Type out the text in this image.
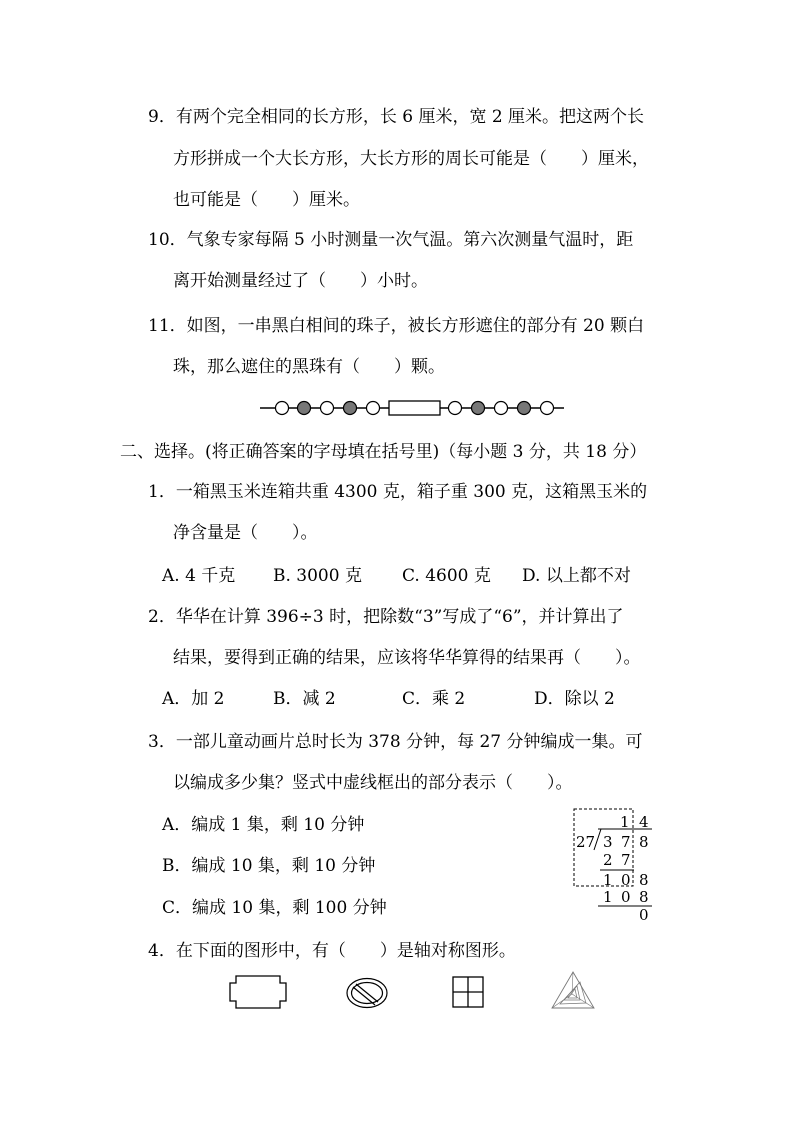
9．有两个完全相同的长方形，长 6 厘米，宽 2 厘米。把这两个长
方形拼成一个大长方形，大长方形的周长可能是（　　）厘米，
也可能是（　　）厘米。
10．气象专家每隔 5 小时测量一次气温。第六次测量气温时，距
离开始测量经过了（　　）小时。
11．如图，一串黑白相间的珠子，被长方形遮住的部分有 20 颗白
珠，那么遮住的黑珠有（　　）颗。
二、选择。(将正确答案的字母填在括号里)（每小题 3 分，共 18 分）
1．一箱黑玉米连箱共重 4300 克，箱子重 300 克，这箱黑玉米的
净含量是（　　）。
A. 4 千克 B. 3000 克 C. 4600 克 D. 以上都不对
2．华华在计算 396÷3 时，把除数“3”写成了“6”，并计算出了
结果，要得到正确的结果，应该将华华算得的结果再（　　）。
A．加 2	B．减 2	C．乘 2	D．除以 2
3．一部儿童动画片总时长为 378 分钟，每 27 分钟编成一集。可
以编成多少集？竖式中虚线框出的部分表示（　　）。
A．编成 1 集，剩 10 分钟
B．编成 10 集，剩 10 分钟
C．编成 10 集，剩 100 分钟
1 4
27 3 7 8
2 7
1 0 8
1 0 8
0
4．在下面的图形中，有（　　）是轴对称图形。
